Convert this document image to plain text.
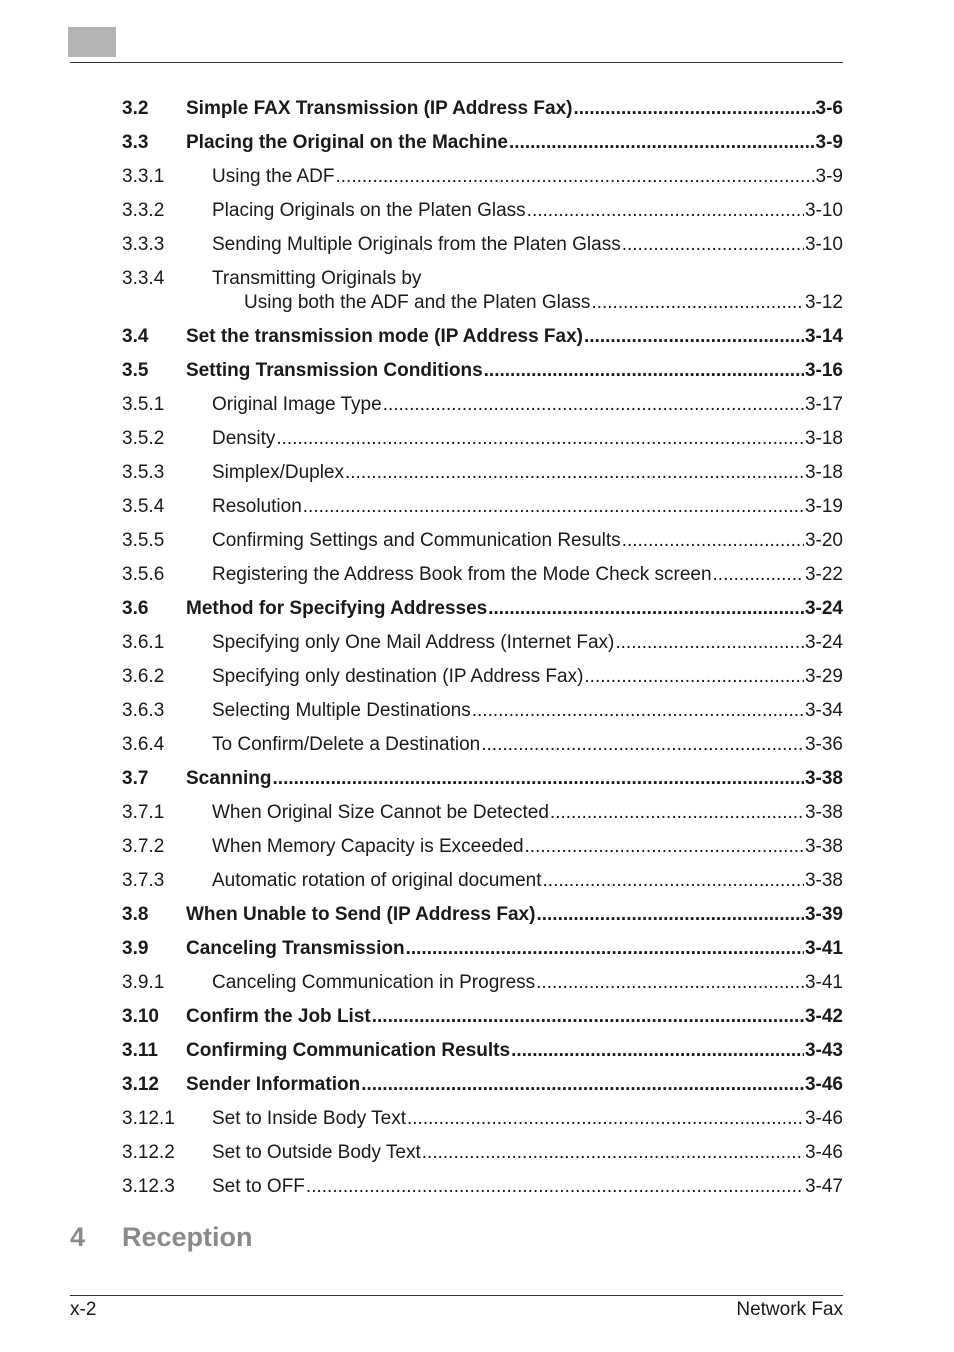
3.2 Simple FAX Transmission (IP Address Fax) .....	3-6
3.3 Placing the Original on the Machine .....	3-9
3.3.1	Using the ADF .....	3-9
3.3.2	Placing Originals on the Platen Glass .....	3-10
3.3.3	Sending Multiple Originals from the Platen Glass .....	3-10
3.3.4	Transmitting Originals by
Using both the ADF and the Platen Glass .....	3-12
3.4 Set the transmission mode (IP Address Fax) .....	3-14
3.5 Setting Transmission Conditions .....	3-16
3.5.1	Original Image Type .....	3-17
3.5.2	Density .....	3-18
3.5.3	Simplex/Duplex .....	3-18
3.5.4	Resolution .....	3-19
3.5.5	Confirming Settings and Communication Results .....	3-20
3.5.6	Registering the Address Book from the Mode Check screen .....	3-22
3.6 Method for Specifying Addresses .....	3-24
3.6.1	Specifying only One Mail Address (Internet Fax) .....	3-24
3.6.2	Specifying only destination (IP Address Fax) .....	3-29
3.6.3	Selecting Multiple Destinations .....	3-34
3.6.4	To Confirm/Delete a Destination .....	3-36
3.7 Scanning .....	3-38
3.7.1	When Original Size Cannot be Detected .....	3-38
3.7.2	When Memory Capacity is Exceeded .....	3-38
3.7.3	Automatic rotation of original document .....	3-38
3.8 When Unable to Send (IP Address Fax) .....	3-39
3.9 Canceling Transmission .....	3-41
3.9.1	Canceling Communication in Progress .....	3-41
3.10 Confirm the Job List .....	3-42
3.11 Confirming Communication Results .....	3-43
3.12 Sender Information .....	3-46
3.12.1 Set to Inside Body Text .....	3-46
3.12.2 Set to Outside Body Text .....	3-46
3.12.3 Set to OFF .....	3-47
4	Reception
x-2	Network Fax
